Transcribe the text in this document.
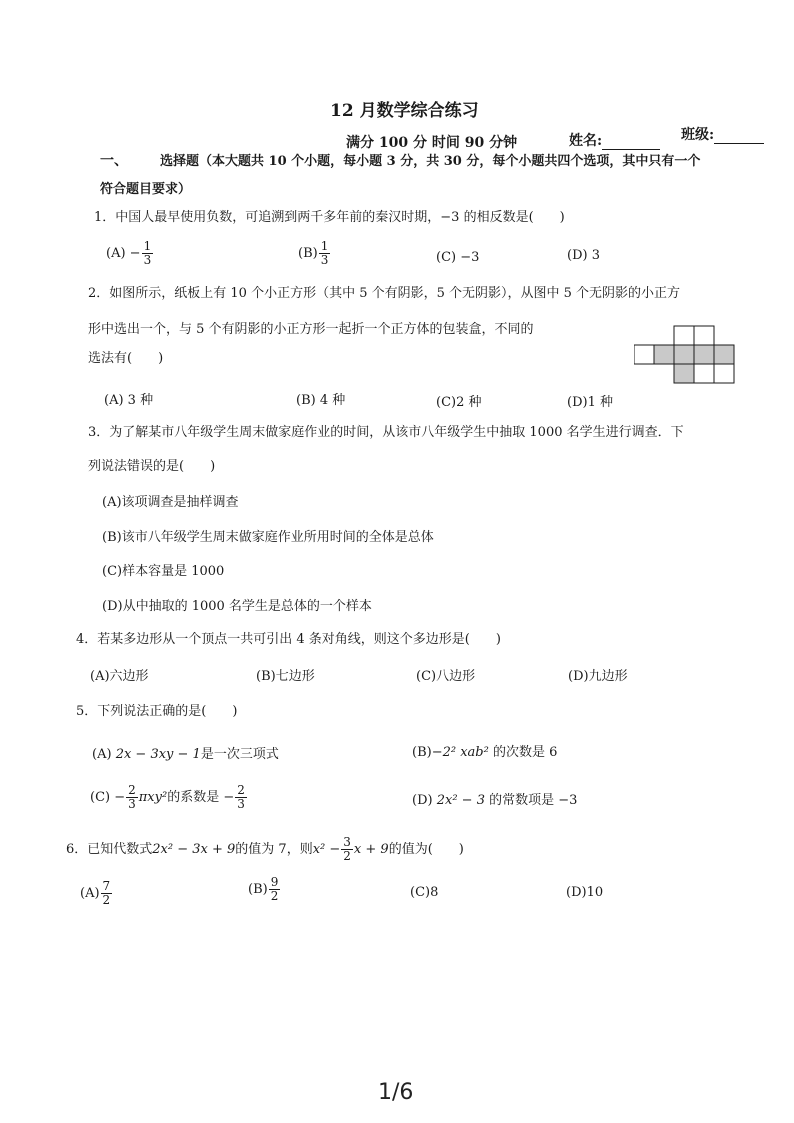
12 月数学综合练习
满分 100 分 时间 90 分钟	姓名:	班级:
一、 选择题（本大题共 10 个小题，每小题 3 分，共 30 分，每个小题共四个选项，其中只有一个
符合题目要求）
1．中国人最早使用负数，可追溯到两千多年前的秦汉时期，−3 的相反数是(　　)
$(A) - \frac{1}{3}$	$(B) \frac{1}{3}$	(C) −3	(D) 3
2．如图所示，纸板上有 10 个小正方形（其中 5 个有阴影，5 个无阴影），从图中 5 个无阴影的小正方
形中选出一个，与 5 个有阴影的小正方形一起折一个正方体的包装盒，不同的
选法有(　　)
(A) 3 种	(B) 4 种	(C)2 种	(D)1 种
3．为了解某市八年级学生周末做家庭作业的时间，从该市八年级学生中抽取 1000 名学生进行调查．下
列说法错误的是(　　)
(A)该项调查是抽样调查
(B)该市八年级学生周末做家庭作业所用时间的全体是总体
(C)样本容量是 1000
(D)从中抽取的 1000 名学生是总体的一个样本
4．若某多边形从一个顶点一共可引出 4 条对角线，则这个多边形是(　　)
(A)六边形	(B)七边形	(C)八边形	(D)九边形
5．下列说法正确的是(　　)
(A) 2x − 3xy − 1是一次三项式	(B)−2² xab² 的次数是 6
$(C) - \frac{2}{3} \pi xy^2$的系数是 − $\frac{2}{3}$	(D) 2x² − 3 的常数项是 −3
6．已知代数式2x² − 3x + 9的值为 7，则$x^2 - \frac{3}{2}$ x + 9的值为(　　)
$(A) \frac{7}{2}$	$(B) \frac{9}{2}$	(C)8	(D)10
1/6
